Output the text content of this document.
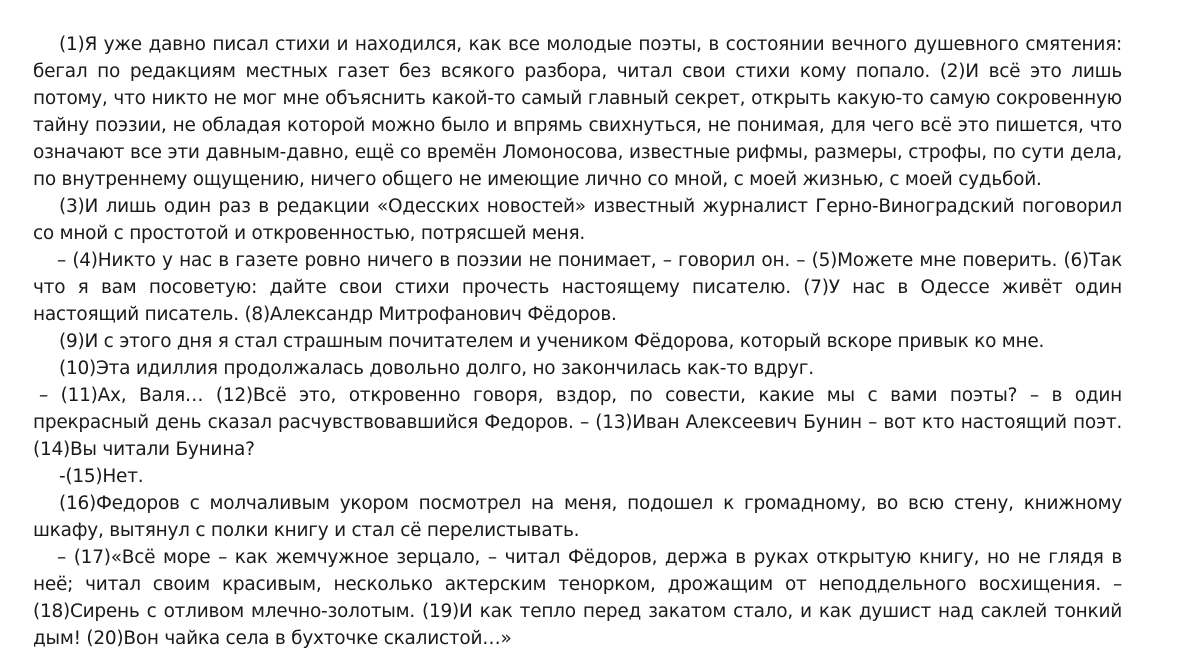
(1)Я уже давно писал стихи и находился, как все молодые поэты, в состоянии вечного душевного смятения: бегал по редакциям местных газет без всякого разбора, читал свои стихи кому попало. (2)И всё это лишь потому, что никто не мог мне объяснить какой-то самый главный секрет, открыть какую-то самую сокровенную тайну поэзии, не обладая которой можно было и впрямь свихнуться, не понимая, для чего всё это пишется, что означают все эти давным-давно, ещё со времён Ломоносова, известные рифмы, размеры, строфы, по сути дела, по внутреннему ощущению, ничего общего не имеющие лично со мной, с моей жизнью, с моей судьбой.

(3)И лишь один раз в редакции «Одесских новостей» известный журналист Герно-Виноградский поговорил со мной с простотой и откровенностью, потрясшей меня.

– (4)Никто у нас в газете ровно ничего в поэзии не понимает, – говорил он. – (5)Можете мне поверить. (6)Так что я вам посоветую: дайте свои стихи прочесть настоящему писателю. (7)У нас в Одессе живёт один настоящий писатель. (8)Александр Митрофанович Фёдоров.

(9)И с этого дня я стал страшным почитателем и учеником Фёдорова, который вскоре привык ко мне.

(10)Эта идиллия продолжалась довольно долго, но закончилась как-то вдруг.

– (11)Ах, Валя… (12)Всё это, откровенно говоря, вздор, по совести, какие мы с вами поэты? – в один прекрасный день сказал расчувствовавшийся Федоров. – (13)Иван Алексеевич Бунин – вот кто настоящий поэт. (14)Вы читали Бунина?

-(15)Нет.

(16)Федоров с молчаливым укором посмотрел на меня, подошел к громадному, во всю стену, книжному шкафу, вытянул с полки книгу и стал сё перелистывать.

– (17)«Всё море – как жемчужное зерцало, – читал Фёдоров, держа в руках открытую книгу, но не глядя в неё; читал своим красивым, несколько актерским тенорком, дрожащим от неподдельного восхищения. – (18)Сирень с отливом млечно-золотым. (19)И как тепло перед закатом стало, и как душист над саклей тонкий дым! (20)Вон чайка села в бухточке скалистой…»
